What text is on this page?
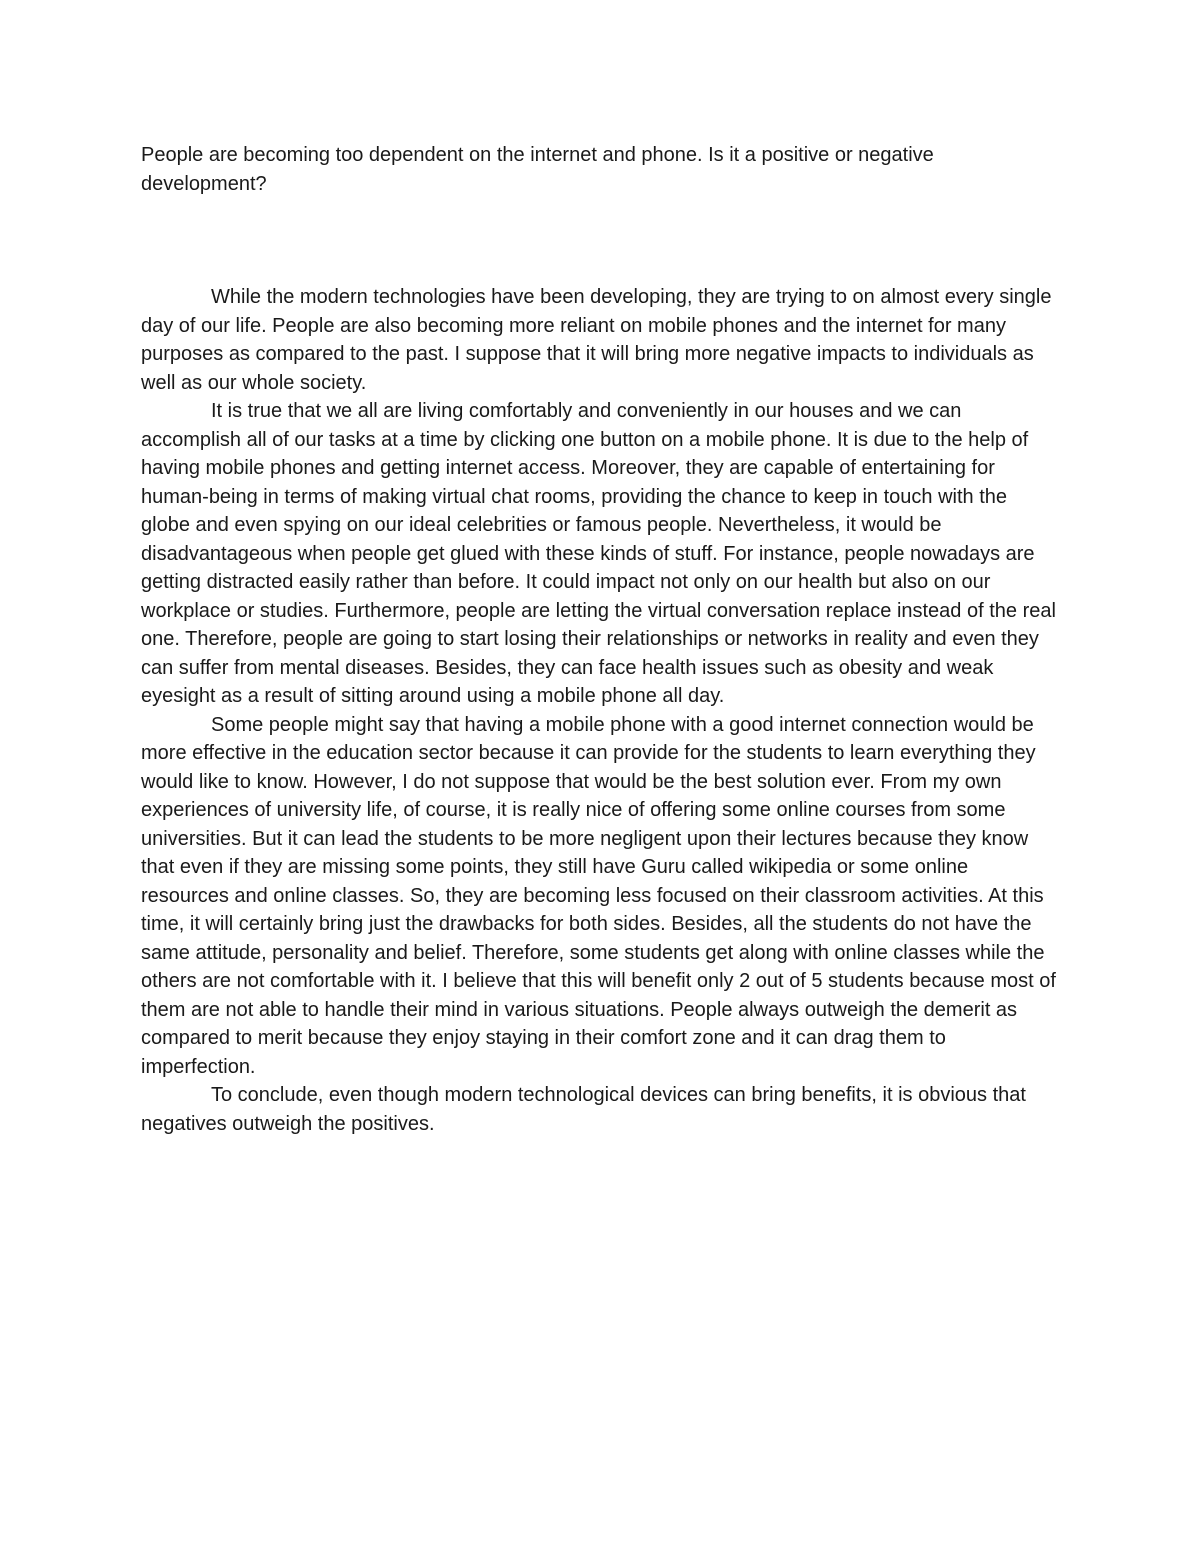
People are becoming too dependent on the internet and phone. Is it a positive or negative development?

While the modern technologies have been developing, they are trying to on almost every single day of our life. People are also becoming more reliant on mobile phones and the internet for many purposes as compared to the past. I suppose that it will bring more negative impacts to individuals as well as our whole society.

It is true that we all are living comfortably and conveniently in our houses and we can accomplish all of our tasks at a time by clicking one button on a mobile phone. It is due to the help of having mobile phones and getting internet access. Moreover, they are capable of entertaining for human-being in terms of making virtual chat rooms, providing the chance to keep in touch with the globe and even spying on our ideal celebrities or famous people. Nevertheless, it would be disadvantageous when people get glued with these kinds of stuff. For instance, people nowadays are getting distracted easily rather than before. It could impact not only on our health but also on our workplace or studies. Furthermore, people are letting the virtual conversation replace instead of the real one. Therefore, people are going to start losing their relationships or networks in reality and even they can suffer from mental diseases. Besides, they can face health issues such as obesity and weak eyesight as a result of sitting around using a mobile phone all day.

Some people might say that having a mobile phone with a good internet connection would be more effective in the education sector because it can provide for the students to learn everything they would like to know. However, I do not suppose that would be the best solution ever. From my own experiences of university life, of course, it is really nice of offering some online courses from some universities. But it can lead the students to be more negligent upon their lectures because they know that even if they are missing some points, they still have Guru called wikipedia or some online resources and online classes. So, they are becoming less focused on their classroom activities. At this time, it will certainly bring just the drawbacks for both sides. Besides, all the students do not have the same attitude, personality and belief. Therefore, some students get along with online classes while the others are not comfortable with it. I believe that this will benefit only 2 out of 5 students because most of them are not able to handle their mind in various situations. People always outweigh the demerit as compared to merit because they enjoy staying in their comfort zone and it can drag them to imperfection.

To conclude, even though modern technological devices can bring benefits, it is obvious that negatives outweigh the positives.
